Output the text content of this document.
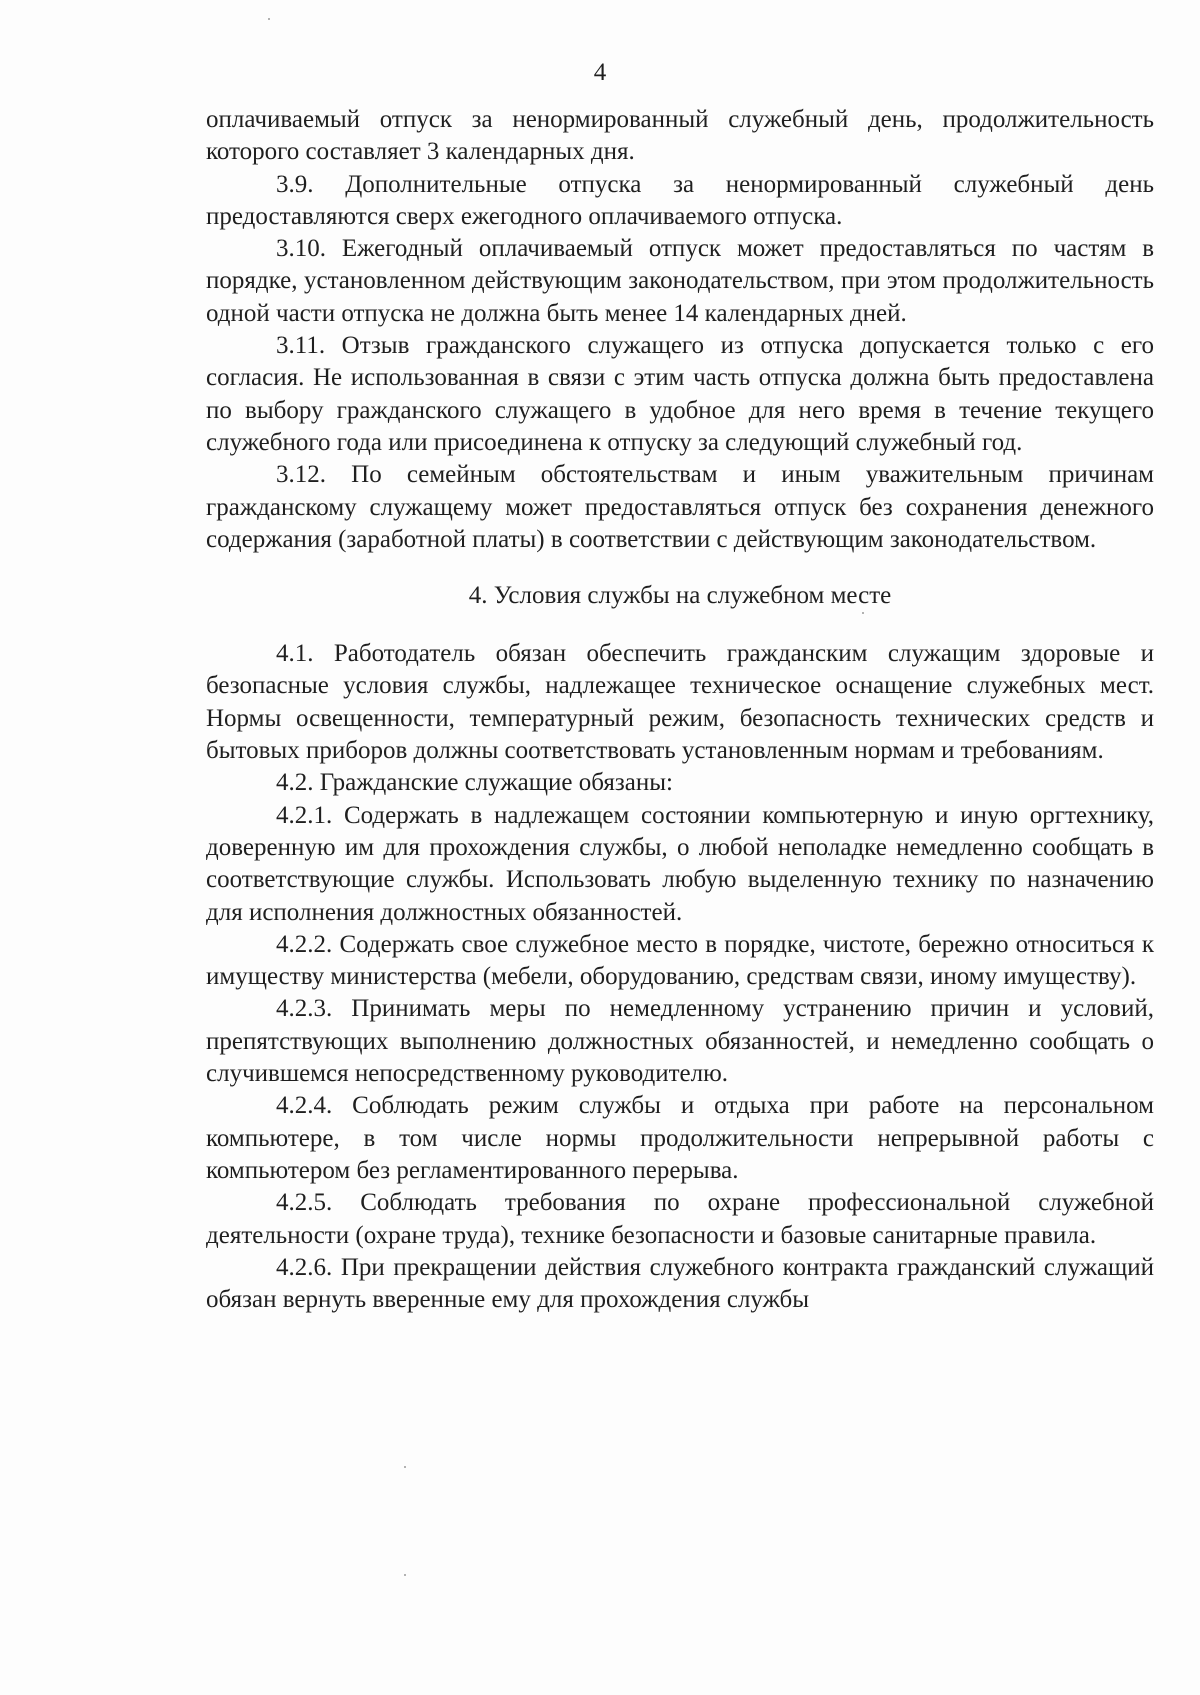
4

оплачиваемый отпуск за ненормированный служебный день, продолжительность которого составляет 3 календарных дня.

3.9. Дополнительные отпуска за ненормированный служебный день предоставляются сверх ежегодного оплачиваемого отпуска.

3.10. Ежегодный оплачиваемый отпуск может предоставляться по частям в порядке, установленном действующим законодательством, при этом продолжительность одной части отпуска не должна быть менее 14 календарных дней.

3.11. Отзыв гражданского служащего из отпуска допускается только с его согласия. Не использованная в связи с этим часть отпуска должна быть предоставлена по выбору гражданского служащего в удобное для него время в течение текущего служебного года или присоединена к отпуску за следующий служебный год.

3.12. По семейным обстоятельствам и иным уважительным причинам гражданскому служащему может предоставляться отпуск без сохранения денежного содержания (заработной платы) в соответствии с действующим законодательством.

4. Условия службы на служебном месте

4.1. Работодатель обязан обеспечить гражданским служащим здоровые и безопасные условия службы, надлежащее техническое оснащение служебных мест. Нормы освещенности, температурный режим, безопасность технических средств и бытовых приборов должны соответствовать установленным нормам и требованиям.

4.2. Гражданские служащие обязаны:

4.2.1. Содержать в надлежащем состоянии компьютерную и иную оргтехнику, доверенную им для прохождения службы, о любой неполадке немедленно сообщать в соответствующие службы. Использовать любую выделенную технику по назначению для исполнения должностных обязанностей.

4.2.2. Содержать свое служебное место в порядке, чистоте, бережно относиться к имуществу министерства (мебели, оборудованию, средствам связи, иному имуществу).

4.2.3. Принимать меры по немедленному устранению причин и условий, препятствующих выполнению должностных обязанностей, и немедленно сообщать о случившемся непосредственному руководителю.

4.2.4. Соблюдать режим службы и отдыха при работе на персональном компьютере, в том числе нормы продолжительности непрерывной работы с компьютером без регламентированного перерыва.

4.2.5. Соблюдать требования по охране профессиональной служебной деятельности (охране труда), технике безопасности и базовые санитарные правила.

4.2.6. При прекращении действия служебного контракта гражданский служащий обязан вернуть вверенные ему для прохождения службы
